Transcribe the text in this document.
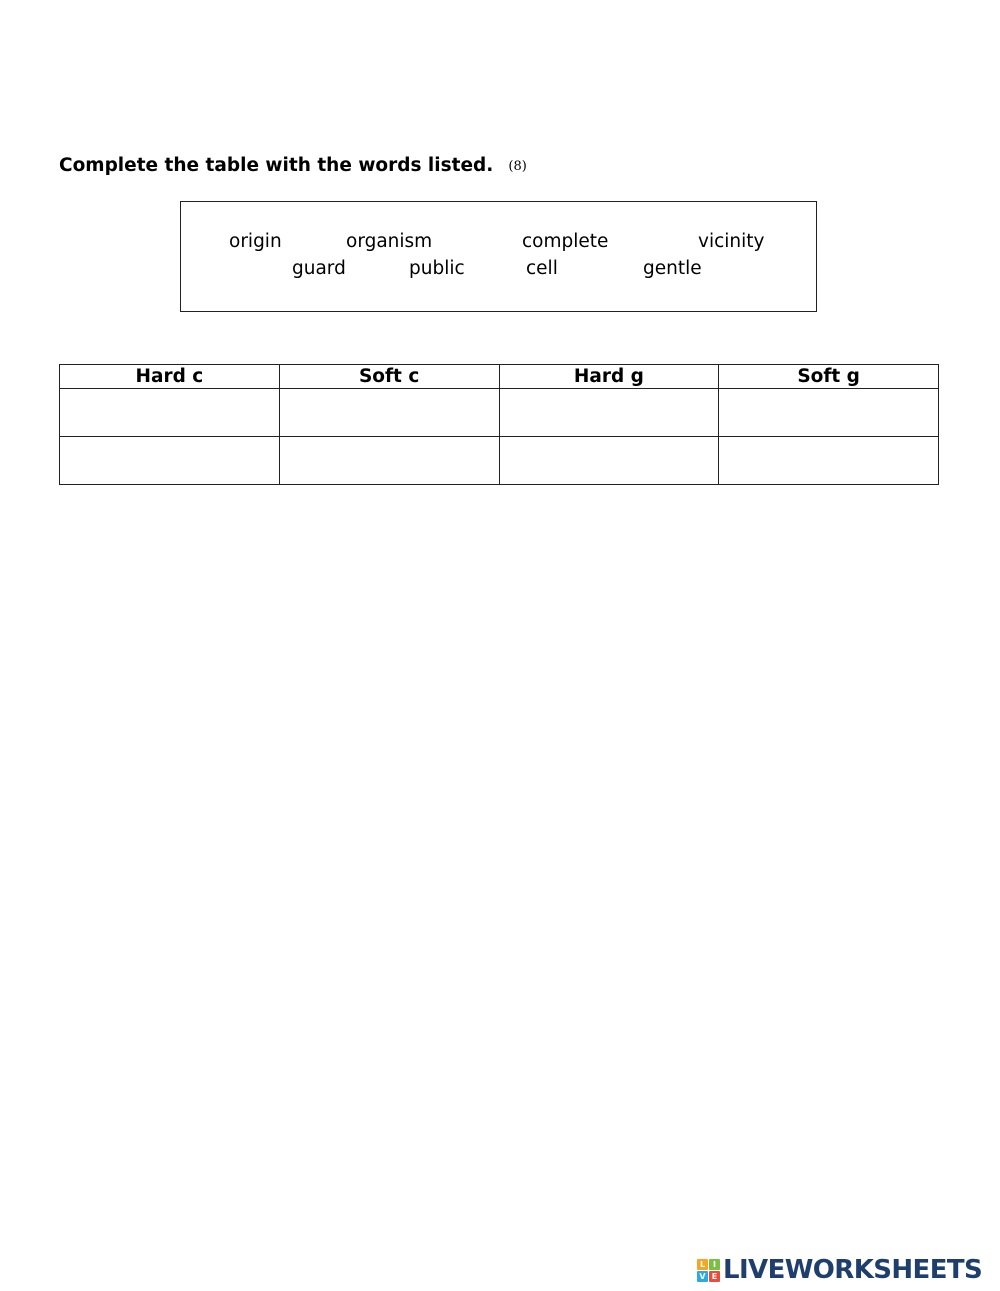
Complete the table with the words listed. (8)
origin	organism	complete	vicinity
guard	public	cell	gentle
Hard c	Soft c	Hard g	Soft g

L I
V E LIVEWORKSHEETS
